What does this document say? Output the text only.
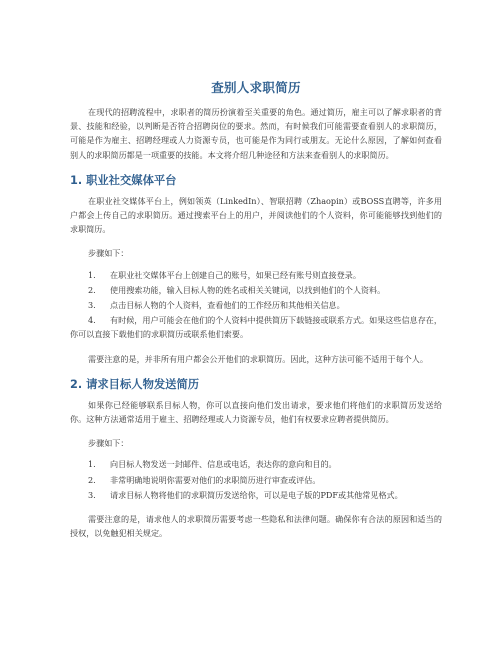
查别人求职简历

在现代的招聘流程中，求职者的简历扮演着至关重要的角色。通过简历，雇主可以了解求职者的背景、技能和经验，以判断是否符合招聘岗位的要求。然而，有时候我们可能需要查看别人的求职简历，可能是作为雇主、招聘经理或人力资源专员，也可能是作为同行或朋友。无论什么原因，了解如何查看别人的求职简历都是一项重要的技能。本文将介绍几种途径和方法来查看别人的求职简历。

1. 职业社交媒体平台

在职业社交媒体平台上，例如领英（LinkedIn）、智联招聘（Zhaopin）或BOSS直聘等，许多用户都会上传自己的求职简历。通过搜索平台上的用户，并阅读他们的个人资料，你可能能够找到他们的求职简历。

步骤如下：

1. 在职业社交媒体平台上创建自己的账号，如果已经有账号则直接登录。
2. 使用搜索功能，输入目标人物的姓名或相关关键词，以找到他们的个人资料。
3. 点击目标人物的个人资料，查看他们的工作经历和其他相关信息。
4. 有时候，用户可能会在他们的个人资料中提供简历下载链接或联系方式。如果这些信息存在，你可以直接下载他们的求职简历或联系他们索要。

需要注意的是，并非所有用户都会公开他们的求职简历。因此，这种方法可能不适用于每个人。

2. 请求目标人物发送简历

如果你已经能够联系目标人物，你可以直接向他们发出请求，要求他们将他们的求职简历发送给你。这种方法通常适用于雇主、招聘经理或人力资源专员，他们有权要求应聘者提供简历。

步骤如下：

1. 向目标人物发送一封邮件、信息或电话，表达你的意向和目的。
2. 非常明确地说明你需要对他们的求职简历进行审查或评估。
3. 请求目标人物将他们的求职简历发送给你，可以是电子版的PDF或其他常见格式。

需要注意的是，请求他人的求职简历需要考虑一些隐私和法律问题。确保你有合法的原因和适当的授权，以免触犯相关规定。
